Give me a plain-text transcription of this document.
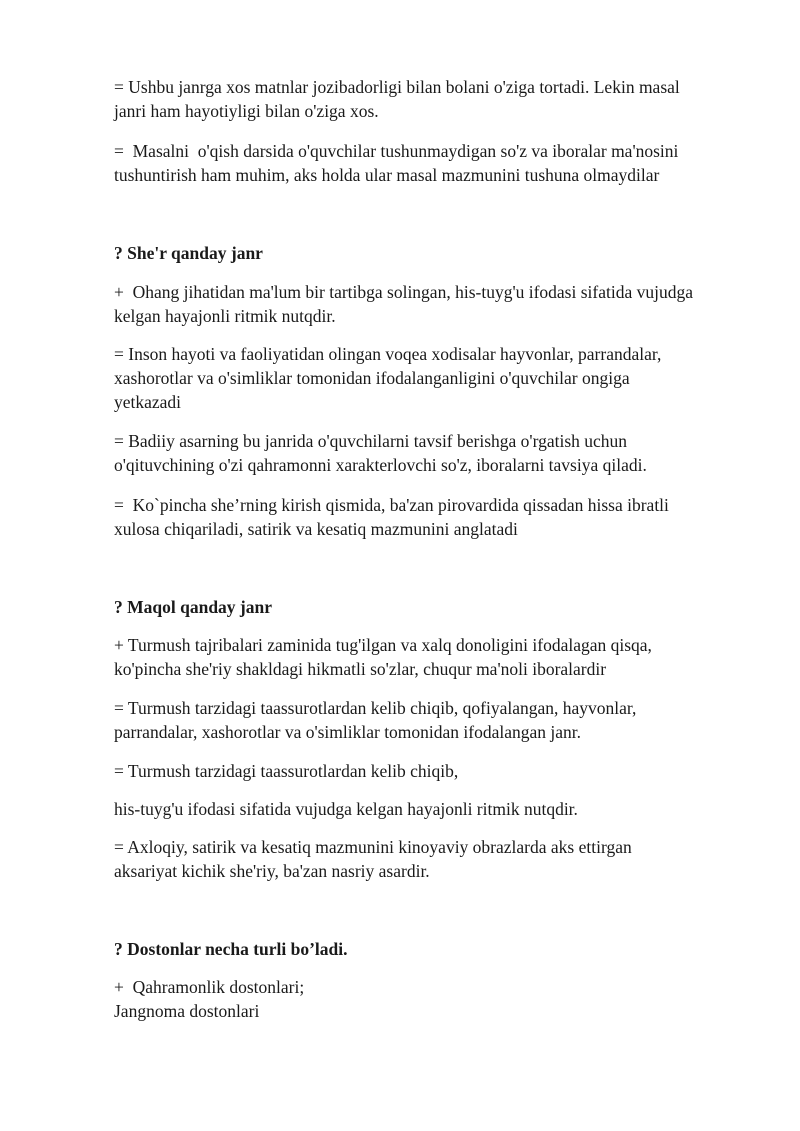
= Ushbu janrga xos matnlar jozibadorligi bilan bolani o'ziga tortadi. Lekin masal
janri ham hayotiyligi bilan o'ziga xos.

=  Masalni  o'qish darsida o'quvchilar tushunmaydigan so'z va iboralar ma'nosini
tushuntirish ham muhim, aks holda ular masal mazmunini tushuna olmaydilar

? She'r qanday janr

+  Ohang jihatidan ma'lum bir tartibga solingan, his-tuyg'u ifodasi sifatida vujudga
kelgan hayajonli ritmik nutqdir.

= Inson hayoti va faoliyatidan olingan voqea xodisalar hayvonlar, parrandalar,
xashorotlar va o'simliklar tomonidan ifodalanganligini o'quvchilar ongiga
yetkazadi

= Badiiy asarning bu janrida o'quvchilarni tavsif berishga o'rgatish uchun
o'qituvchining o'zi qahramonni xarakterlovchi so'z, iboralarni tavsiya qiladi.

=  Ko`pincha she’rning kirish qismida, ba'zan pirovardida qissadan hissa ibratli
xulosa chiqariladi, satirik va kesatiq mazmunini anglatadi

? Maqol qanday janr

+ Turmush tajribalari zaminida tug'ilgan va xalq donoligini ifodalagan qisqa,
ko'pincha she'riy shakldagi hikmatli so'zlar, chuqur ma'noli iboralardir

= Turmush tarzidagi taassurotlardan kelib chiqib, qofiyalangan, hayvonlar,
parrandalar, xashorotlar va o'simliklar tomonidan ifodalangan janr.

= Turmush tarzidagi taassurotlardan kelib chiqib,

his-tuyg'u ifodasi sifatida vujudga kelgan hayajonli ritmik nutqdir.

= Axloqiy, satirik va kesatiq mazmunini kinoyaviy obrazlarda aks ettirgan
aksariyat kichik she'riy, ba'zan nasriy asardir.

? Dostonlar necha turli bo’ladi.

+  Qahramonlik dostonlari;
Jangnoma dostonlari
